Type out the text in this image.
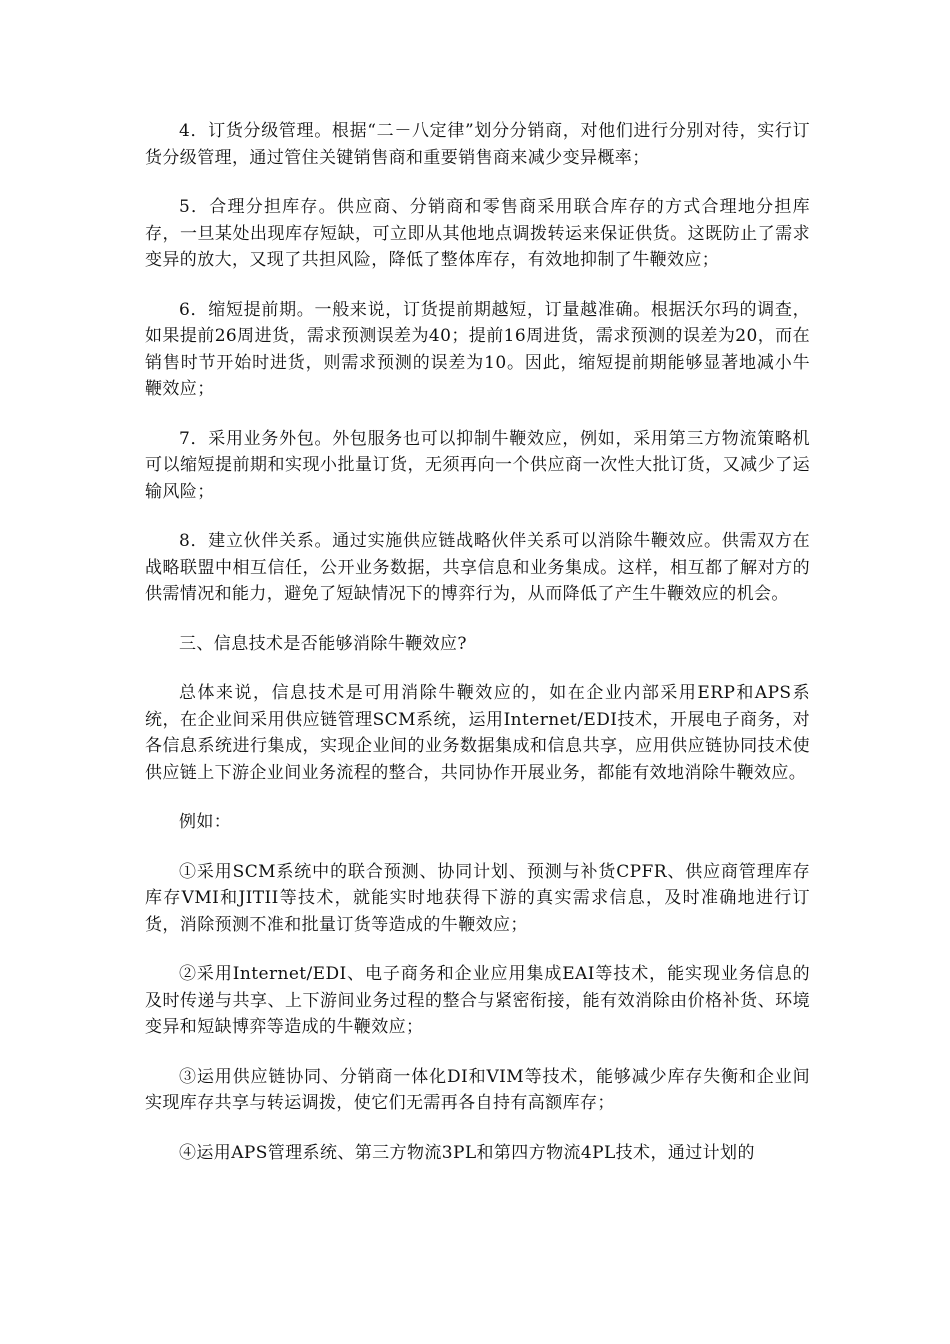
4．订货分级管理。根据“二－八定律”划分分销商，对他们进行分别对待，实行订货分级管理，通过管住关键销售商和重要销售商来减少变异概率；

5．合理分担库存。供应商、分销商和零售商采用联合库存的方式合理地分担库存，一旦某处出现库存短缺，可立即从其他地点调拨转运来保证供货。这既防止了需求变异的放大，又现了共担风险，降低了整体库存，有效地抑制了牛鞭效应；

6．缩短提前期。一般来说，订货提前期越短，订量越准确。根据沃尔玛的调查，如果提前26周进货，需求预测误差为40；提前16周进货，需求预测的误差为20，而在销售时节开始时进货，则需求预测的误差为10。因此，缩短提前期能够显著地减小牛鞭效应；

7．采用业务外包。外包服务也可以抑制牛鞭效应，例如，采用第三方物流策略机可以缩短提前期和实现小批量订货，无须再向一个供应商一次性大批订货，又减少了运输风险；

8．建立伙伴关系。通过实施供应链战略伙伴关系可以消除牛鞭效应。供需双方在战略联盟中相互信任，公开业务数据，共享信息和业务集成。这样，相互都了解对方的供需情况和能力，避免了短缺情况下的博弈行为，从而降低了产生牛鞭效应的机会。

三、信息技术是否能够消除牛鞭效应?

总体来说，信息技术是可用消除牛鞭效应的，如在企业内部采用ERP和APS系统，在企业间采用供应链管理SCM系统，运用Internet/EDI技术，开展电子商务，对各信息系统进行集成，实现企业间的业务数据集成和信息共享，应用供应链协同技术使供应链上下游企业间业务流程的整合，共同协作开展业务，都能有效地消除牛鞭效应。

例如：

①采用SCM系统中的联合预测、协同计划、预测与补货CPFR、供应商管理库存库存VMI和JITII等技术，就能实时地获得下游的真实需求信息，及时准确地进行订货，消除预测不准和批量订货等造成的牛鞭效应；

②采用Internet/EDI、电子商务和企业应用集成EAI等技术，能实现业务信息的及时传递与共享、上下游间业务过程的整合与紧密衔接，能有效消除由价格补货、环境变异和短缺博弈等造成的牛鞭效应；

③运用供应链协同、分销商一体化DI和VIM等技术，能够减少库存失衡和企业间实现库存共享与转运调拨，使它们无需再各自持有高额库存；

④运用APS管理系统、第三方物流3PL和第四方物流4PL技术，通过计划的
